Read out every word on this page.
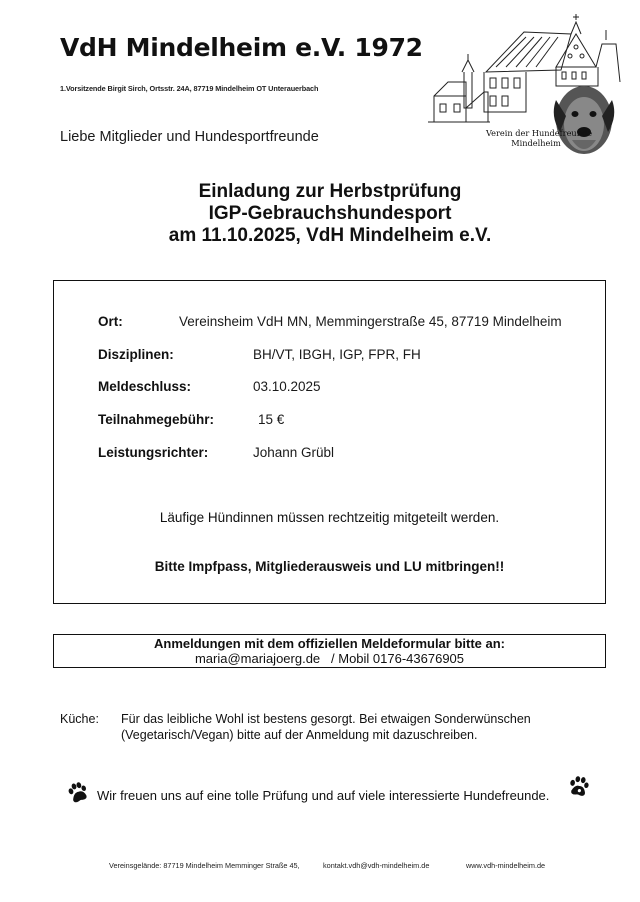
VdH Mindelheim e.V. 1972
1.Vorsitzende Birgit Sirch, Ortsstr. 24A, 87719 Mindelheim OT Unterauerbach
Liebe Mitglieder und Hundesportfreunde	Verein der Hundefreunde
Mindelheim
Einladung zur Herbstprüfung
IGP-Gebrauchshundesport
am 11.10.2025, VdH Mindelheim e.V.
Ort:	Vereinsheim VdH MN, Memmingerstraße 45, 87719 Mindelheim
Disziplinen:	BH/VT, IBGH, IGP, FPR, FH
Meldeschluss:	03.10.2025
Teilnahmegebühr:	15 €
Leistungsrichter:	Johann Grübl
Läufige Hündinnen müssen rechtzeitig mitgeteilt werden.
Bitte Impfpass, Mitgliederausweis und LU mitbringen!!
Anmeldungen mit dem offiziellen Meldeformular bitte an:
maria@mariajoerg.de / Mobil 0176-43676905
Küche: Für das leibliche Wohl ist bestens gesorgt. Bei etwaigen Sonderwünschen (Vegetarisch/Vegan) bitte auf der Anmeldung mit dazuschreiben.
Wir freuen uns auf eine tolle Prüfung und auf viele interessierte Hundefreunde.
Vereinsgelände: 87719 Mindelheim Memminger Straße 45,	kontakt.vdh@vdh-mindelheim.de	www.vdh-mindelheim.de
